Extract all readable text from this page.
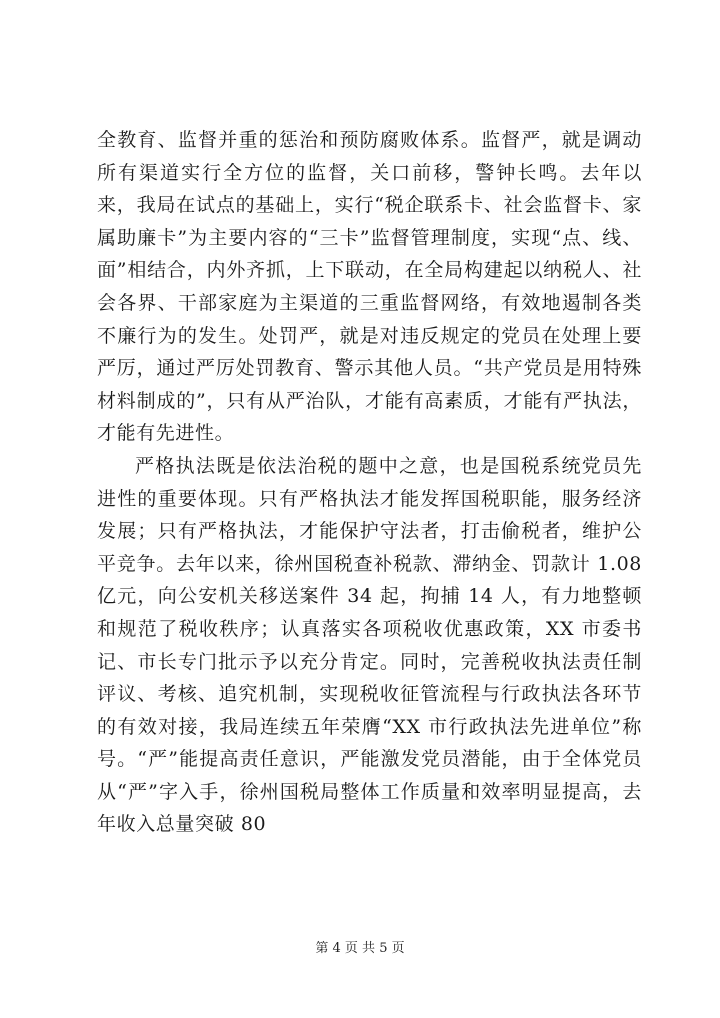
全教育、监督并重的惩治和预防腐败体系。监督严，就是调动所有渠道实行全方位的监督，关口前移，警钟长鸣。去年以来，我局在试点的基础上，实行“税企联系卡、社会监督卡、家属助廉卡”为主要内容的“三卡”监督管理制度，实现“点、线、面”相结合，内外齐抓，上下联动，在全局构建起以纳税人、社会各界、干部家庭为主渠道的三重监督网络，有效地遏制各类不廉行为的发生。处罚严，就是对违反规定的党员在处理上要严厉，通过严厉处罚教育、警示其他人员。“共产党员是用特殊材料制成的”，只有从严治队，才能有高素质，才能有严执法，才能有先进性。

严格执法既是依法治税的题中之意，也是国税系统党员先进性的重要体现。只有严格执法才能发挥国税职能，服务经济发展；只有严格执法，才能保护守法者，打击偷税者，维护公平竞争。去年以来，徐州国税查补税款、滞纳金、罚款计 1.08 亿元，向公安机关移送案件 34 起，拘捕 14 人，有力地整顿和规范了税收秩序；认真落实各项税收优惠政策，XX 市委书记、市长专门批示予以充分肯定。同时，完善税收执法责任制评议、考核、追究机制，实现税收征管流程与行政执法各环节的有效对接，我局连续五年荣膺“XX 市行政执法先进单位”称号。“严”能提高责任意识，严能激发党员潜能，由于全体党员从“严”字入手，徐州国税局整体工作质量和效率明显提高，去年收入总量突破 80

第 4 页 共 5 页
